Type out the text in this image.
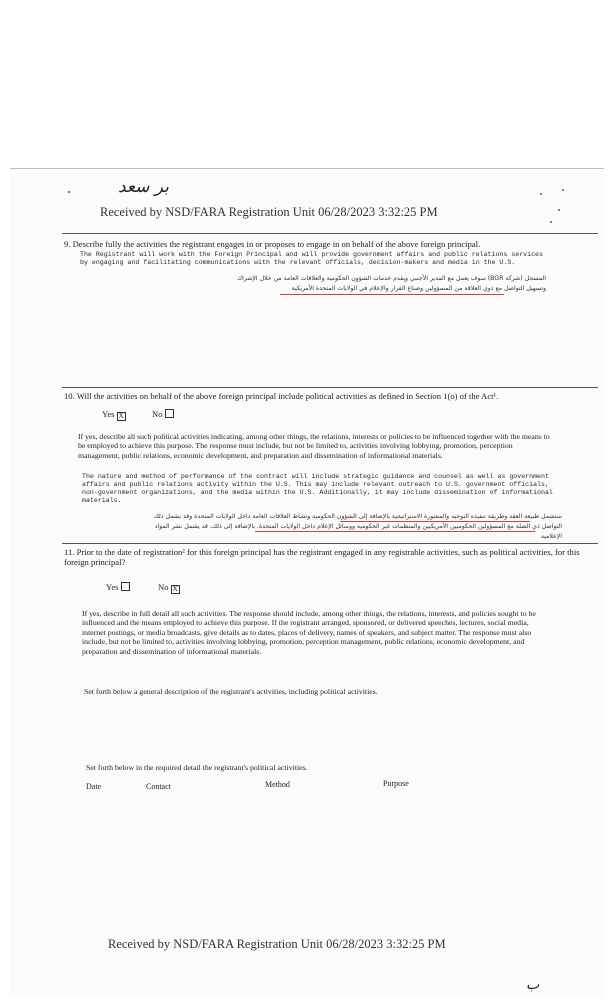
ﺑﺮ ﺳﻌﺪ
Received by NSD/FARA Registration Unit 06/28/2023 3:32:25 PM
9. Describe fully the activities the registrant engages in or proposes to engage in on behalf of the above foreign principal.
The Registrant will work with the Foreign Principal and will provide government affairs and public relations services by engaging and facilitating communications with the relevant officials, decision-makers and media in the U.S.
المسجل (شركة BGR) سوف يعمل مع المدير الأجنبي ويقدم خدمات الشؤون الحكومية والعلاقات العامة من خلال الإشراك وتسهيل التواصل مع ذوي العلاقة من المسؤولين وصناع القرار والإعلام في الولايات المتحدة الأمريكية
10. Will the activities on behalf of the above foreign principal include political activities as defined in Section 1(o) of the Act¹.
Yes X	No
If yes, describe all such political activities indicating, among other things, the relations, interests or policies to be influenced together with the means to be employed to achieve this purpose. The response must include, but not be limited to, activities involving lobbying, promotion, perception management, public relations, economic development, and preparation and dissemination of informational materials.
The nature and method of performance of the contract will include strategic guidance and counsel as well as government affairs and public relations activity within the U.S. This may include relevant outreach to U.S. government officials, non-government organizations, and the media within the U.S. Additionally, it may include dissemination of informational materials.
ستشمل طبيعة العقد وطريقة تنفيذه التوجيه والمشورة الاستراتيجية بالإضافة إلى الشؤون الحكومية ونشاط العلاقات العامة داخل الولايات المتحدة وقد يشمل ذلك التواصل ذي الصلة مع المسؤولين الحكوميين الأمريكيين والمنظمات غير الحكومية ووسائل الإعلام داخل الولايات المتحدة. بالإضافة إلى ذلك، قد يشمل نشر المواد الإعلامية
11. Prior to the date of registration² for this foreign principal has the registrant engaged in any registrable activities, such as political activities, for this foreign principal?
Yes	No X
If yes, describe in full detail all such activities. The response should include, among other things, the relations, interests, and policies sought to be influenced and the means employed to achieve this purpose. If the registrant arranged, sponsored, or delivered speeches, lectures, social media, internet postings, or media broadcasts, give details as to dates, places of delivery, names of speakers, and subject matter. The response must also include, but not be limited to, activities involving lobbying, promotion, perception management, public relations, economic development, and preparation and dissemination of informational materials.
Set forth below a general description of the registrant's activities, including political activities.
Set forth below in the required detail the registrant's political activities.
Date	Contact	Method	Purpose
Received by NSD/FARA Registration Unit 06/28/2023 3:32:25 PM
ب
